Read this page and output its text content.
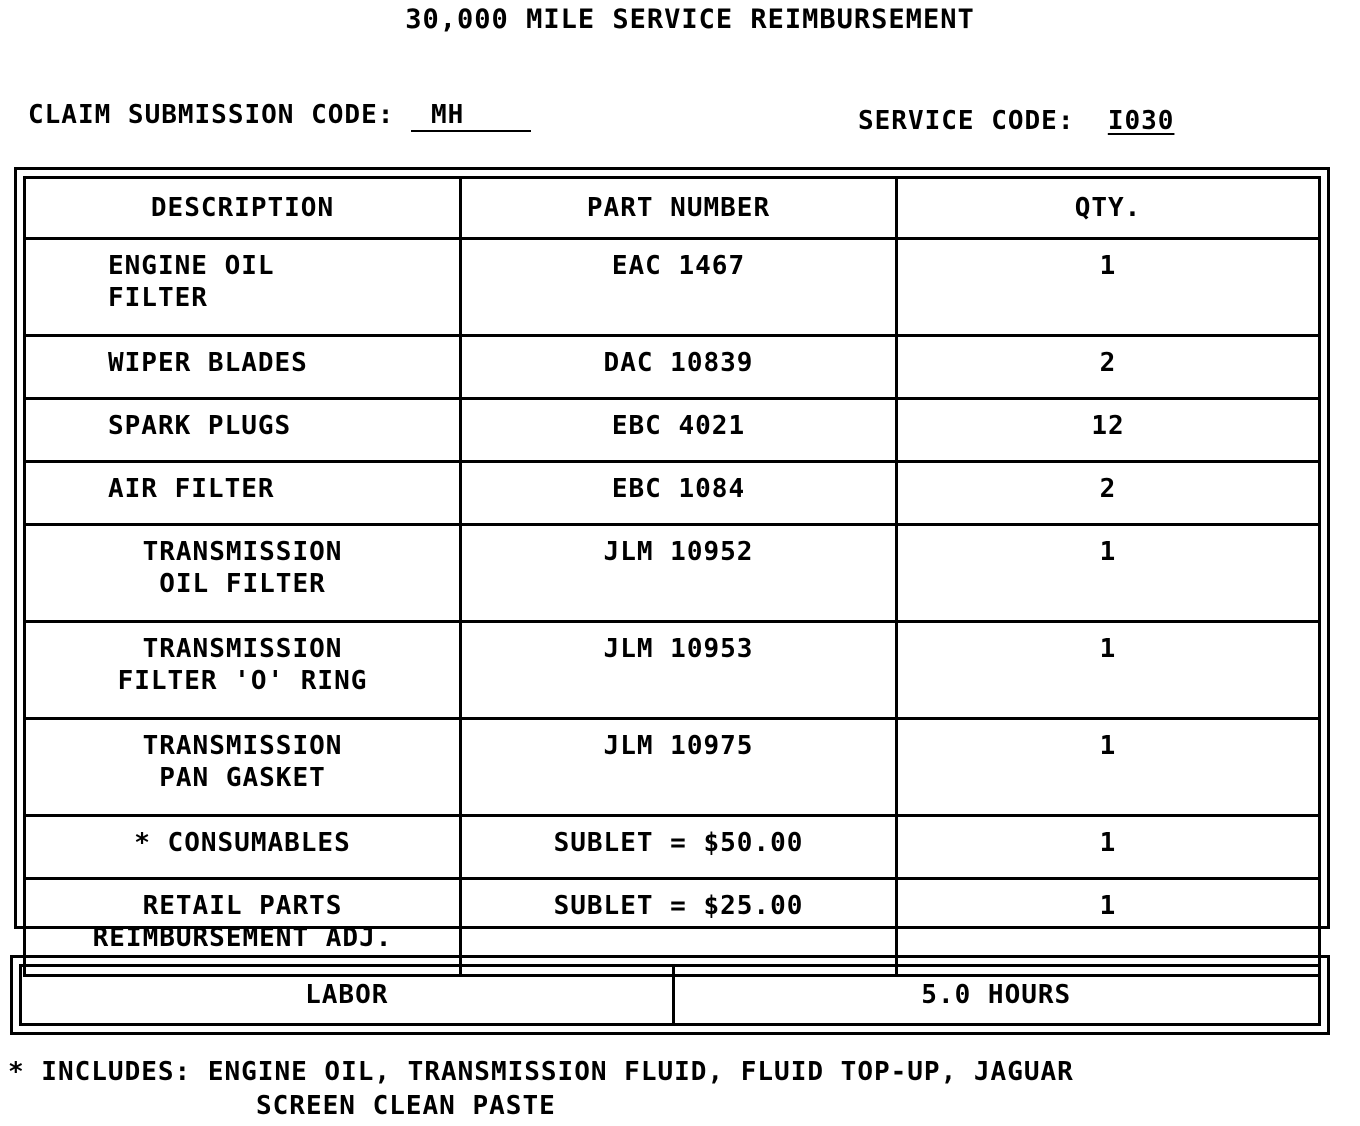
30,000 MILE SERVICE REIMBURSEMENT
CLAIM SUBMISSION CODE: MH	SERVICE CODE: I030
DESCRIPTION	PART NUMBER	QTY.

ENGINE OIL
FILTER	EAC 1467	1
WIPER BLADES	DAC 10839	2
SPARK PLUGS	EBC 4021	12
AIR FILTER	EBC 1084	2

TRANSMISSION
OIL FILTER	JLM 10952	1

TRANSMISSION
FILTER 'O' RING	JLM 10953	1

TRANSMISSION
PAN GASKET	JLM 10975	1
* CONSUMABLES	SUBLET = $50.00	1

RETAIL PARTS
REIMBURSEMENT ADJ.	SUBLET = $25.00	1
LABOR	5.0 HOURS
* INCLUDES: ENGINE OIL, TRANSMISSION FLUID, FLUID TOP-UP, JAGUAR
SCREEN CLEAN PASTE
